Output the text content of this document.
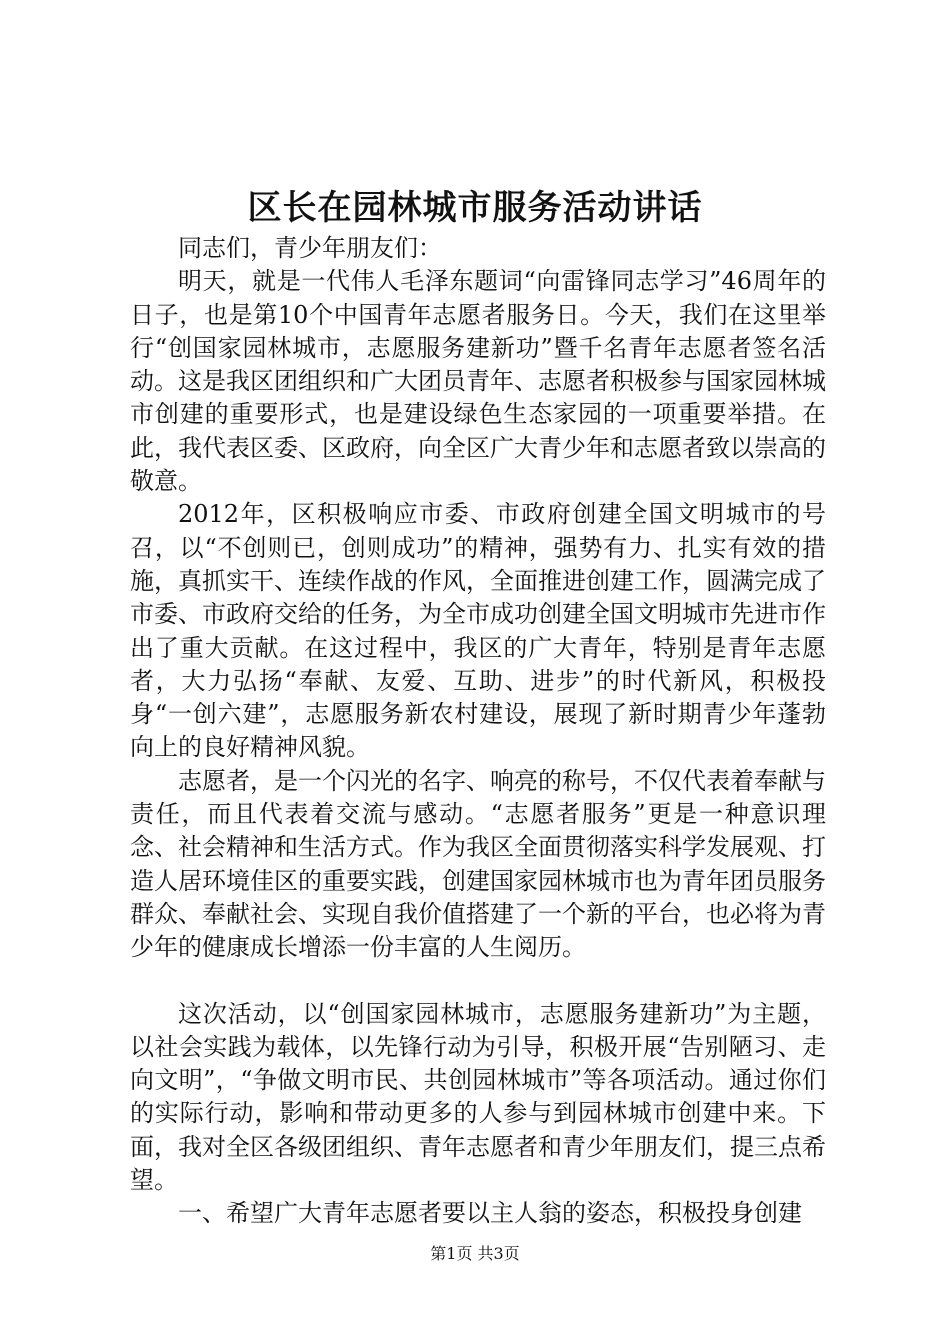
区长在园林城市服务活动讲话

同志们，青少年朋友们：

明天，就是一代伟人毛泽东题词“向雷锋同志学习”46周年的日子，也是第10个中国青年志愿者服务日。今天，我们在这里举行“创国家园林城市，志愿服务建新功”暨千名青年志愿者签名活动。这是我区团组织和广大团员青年、志愿者积极参与国家园林城市创建的重要形式，也是建设绿色生态家园的一项重要举措。在此，我代表区委、区政府，向全区广大青少年和志愿者致以崇高的敬意。

2012年，区积极响应市委、市政府创建全国文明城市的号召，以“不创则已，创则成功”的精神，强势有力、扎实有效的措施，真抓实干、连续作战的作风，全面推进创建工作，圆满完成了市委、市政府交给的任务，为全市成功创建全国文明城市先进市作出了重大贡献。在这过程中，我区的广大青年，特别是青年志愿者，大力弘扬“奉献、友爱、互助、进步”的时代新风，积极投身“一创六建”，志愿服务新农村建设，展现了新时期青少年蓬勃向上的良好精神风貌。

志愿者，是一个闪光的名字、响亮的称号，不仅代表着奉献与责任，而且代表着交流与感动。“志愿者服务”更是一种意识理念、社会精神和生活方式。作为我区全面贯彻落实科学发展观、打造人居环境佳区的重要实践，创建国家园林城市也为青年团员服务群众、奉献社会、实现自我价值搭建了一个新的平台，也必将为青少年的健康成长增添一份丰富的人生阅历。

这次活动，以“创国家园林城市，志愿服务建新功”为主题，以社会实践为载体，以先锋行动为引导，积极开展“告别陋习、走向文明”，“争做文明市民、共创园林城市”等各项活动。通过你们的实际行动，影响和带动更多的人参与到园林城市创建中来。下面，我对全区各级团组织、青年志愿者和青少年朋友们，提三点希望。

一、希望广大青年志愿者要以主人翁的姿态，积极投身创建

第1页 共3页
